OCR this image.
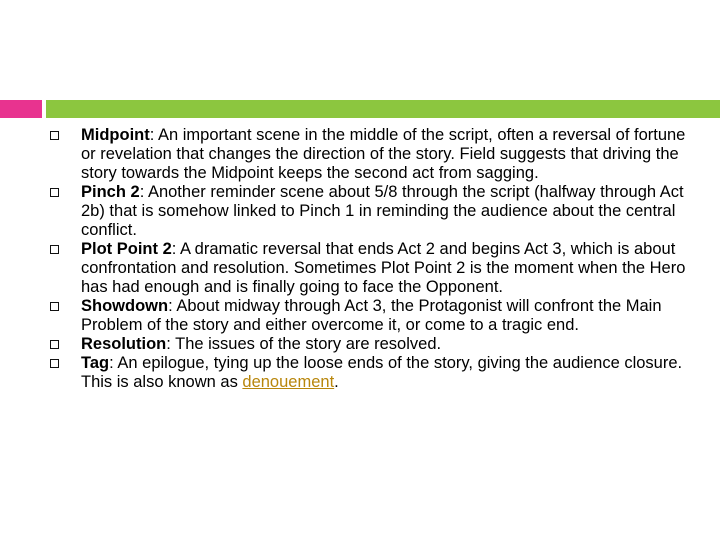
Midpoint: An important scene in the middle of the script, often a reversal of fortune or revelation that changes the direction of the story. Field suggests that driving the story towards the Midpoint keeps the second act from sagging.
Pinch 2: Another reminder scene about 5/8 through the script (halfway through Act 2b) that is somehow linked to Pinch 1 in reminding the audience about the central conflict.
Plot Point 2: A dramatic reversal that ends Act 2 and begins Act 3, which is about confrontation and resolution. Sometimes Plot Point 2 is the moment when the Hero has had enough and is finally going to face the Opponent.
Showdown: About midway through Act 3, the Protagonist will confront the Main Problem of the story and either overcome it, or come to a tragic end.
Resolution: The issues of the story are resolved.
Tag: An epilogue, tying up the loose ends of the story, giving the audience closure. This is also known as denouement.
